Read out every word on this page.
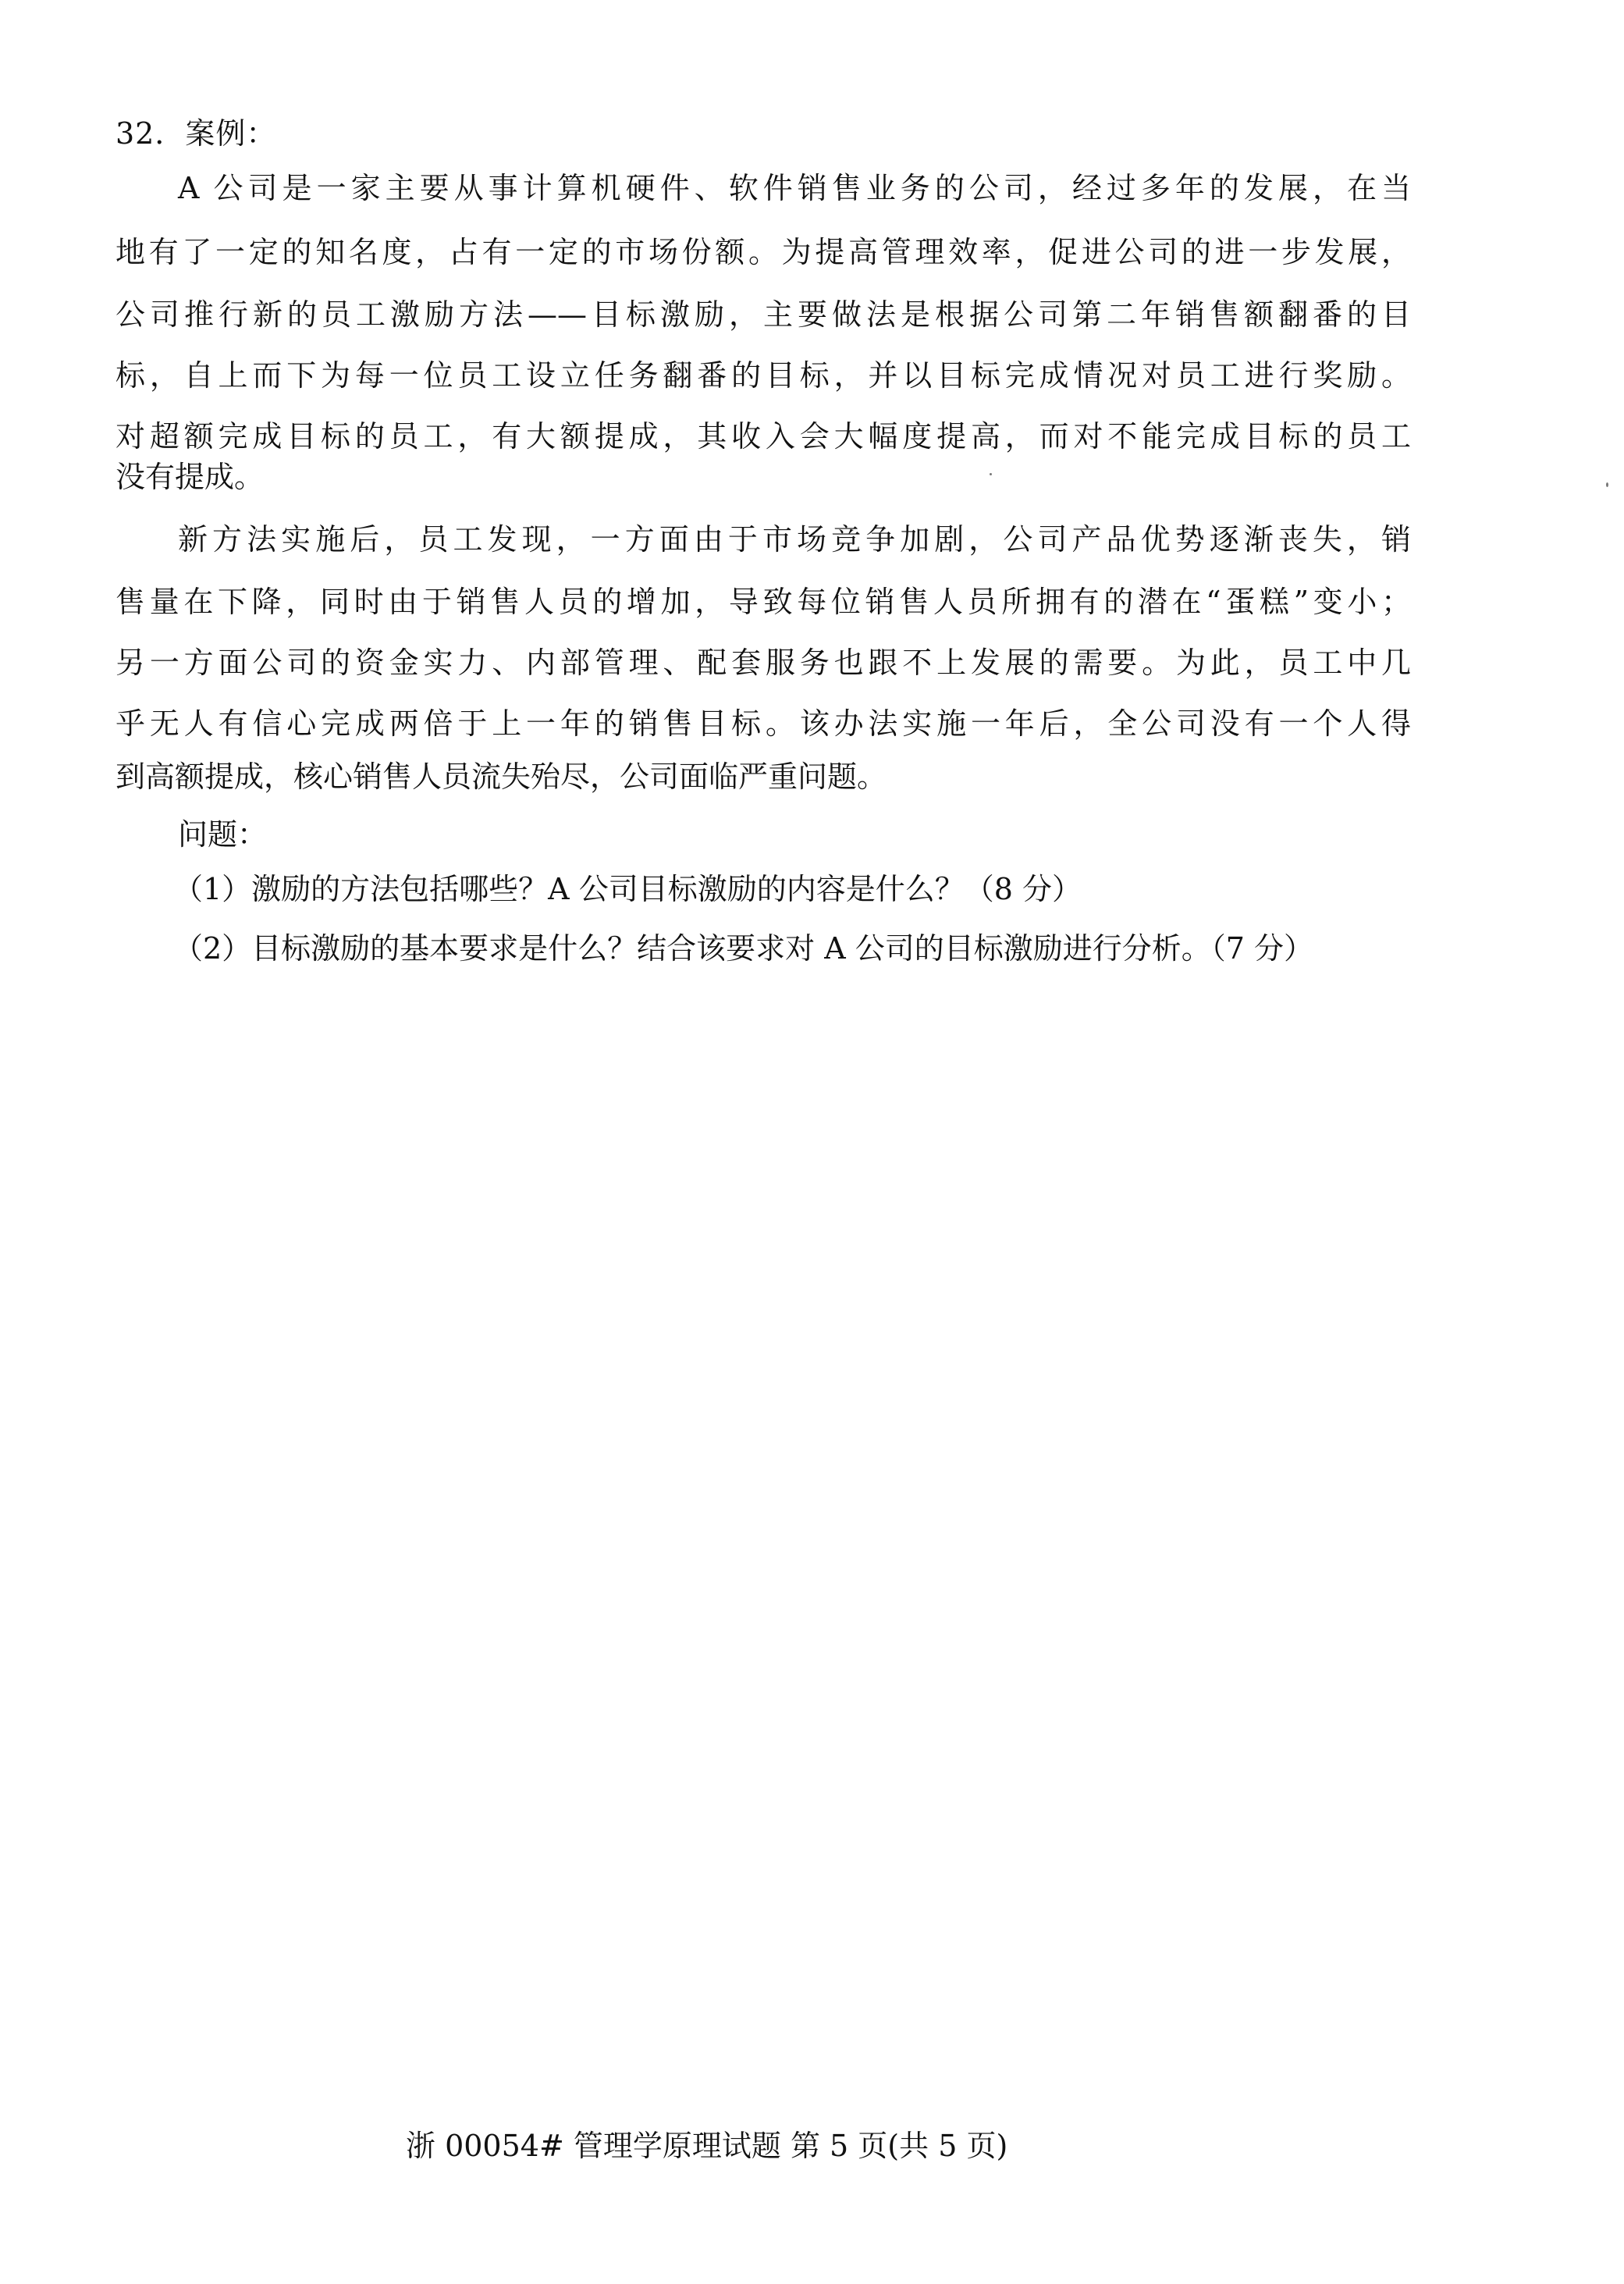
32．案例：
A 公司是一家主要从事计算机硬件、软件销售业务的公司，经过多年的发展，在当
地有了一定的知名度，占有一定的市场份额。为提高管理效率，促进公司的进一步发展，
公司推行新的员工激励方法——目标激励，主要做法是根据公司第二年销售额翻番的目
标，自上而下为每一位员工设立任务翻番的目标，并以目标完成情况对员工进行奖励。
对超额完成目标的员工，有大额提成，其收入会大幅度提高，而对不能完成目标的员工
没有提成。
新方法实施后，员工发现，一方面由于市场竞争加剧，公司产品优势逐渐丧失，销
售量在下降，同时由于销售人员的增加，导致每位销售人员所拥有的潜在“蛋糕”变小；
另一方面公司的资金实力、内部管理、配套服务也跟不上发展的需要。为此，员工中几
乎无人有信心完成两倍于上一年的销售目标。该办法实施一年后，全公司没有一个人得
到高额提成，核心销售人员流失殆尽，公司面临严重问题。
问题：
（1）激励的方法包括哪些？A 公司目标激励的内容是什么？（8 分）
（2）目标激励的基本要求是什么？结合该要求对 A 公司的目标激励进行分析。（7 分）
浙 00054# 管理学原理试题 第 5 页(共 5 页)
